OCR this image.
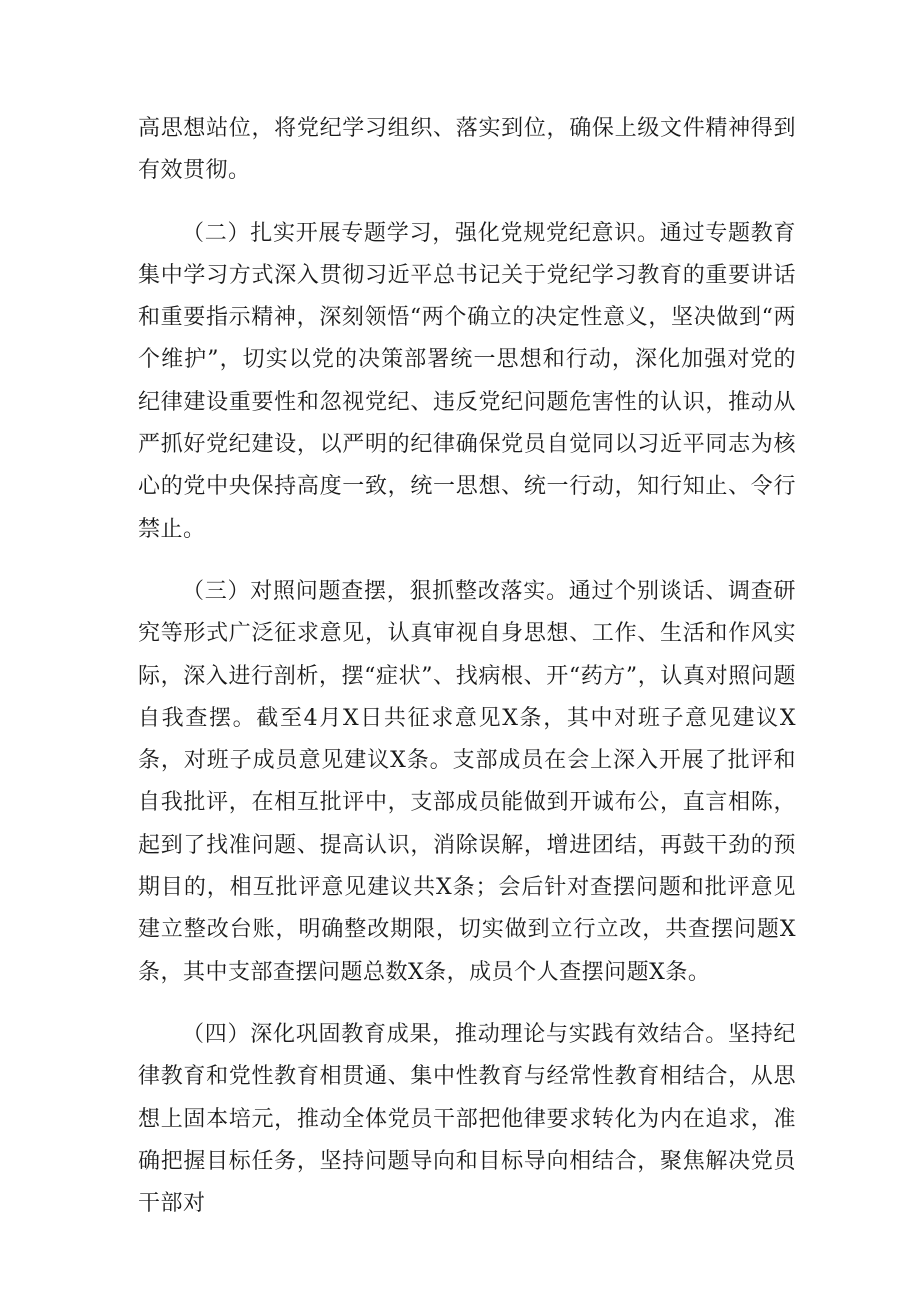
高思想站位，将党纪学习组织、落实到位，确保上级文件精神得到有效贯彻。

（二）扎实开展专题学习，强化党规党纪意识。通过专题教育集中学习方式深入贯彻习近平总书记关于党纪学习教育的重要讲话和重要指示精神，深刻领悟“两个确立的决定性意义，坚决做到“两个维护”，切实以党的决策部署统一思想和行动，深化加强对党的纪律建设重要性和忽视党纪、违反党纪问题危害性的认识，推动从严抓好党纪建设，以严明的纪律确保党员自觉同以习近平同志为核心的党中央保持高度一致，统一思想、统一行动，知行知止、令行禁止。

（三）对照问题查摆，狠抓整改落实。通过个别谈话、调查研究等形式广泛征求意见，认真审视自身思想、工作、生活和作风实际，深入进行剖析，摆“症状”、找病根、开“药方”，认真对照问题自我查摆。截至4月X日共征求意见X条，其中对班子意见建议X条，对班子成员意见建议X条。支部成员在会上深入开展了批评和自我批评，在相互批评中，支部成员能做到开诚布公，直言相陈，起到了找准问题、提高认识，消除误解，增进团结，再鼓干劲的预期目的，相互批评意见建议共X条；会后针对查摆问题和批评意见建立整改台账，明确整改期限，切实做到立行立改，共查摆问题X条，其中支部查摆问题总数X条，成员个人查摆问题X条。

（四）深化巩固教育成果，推动理论与实践有效结合。坚持纪律教育和党性教育相贯通、集中性教育与经常性教育相结合，从思想上固本培元，推动全体党员干部把他律要求转化为内在追求，准确把握目标任务，坚持问题导向和目标导向相结合，聚焦解决党员干部对
